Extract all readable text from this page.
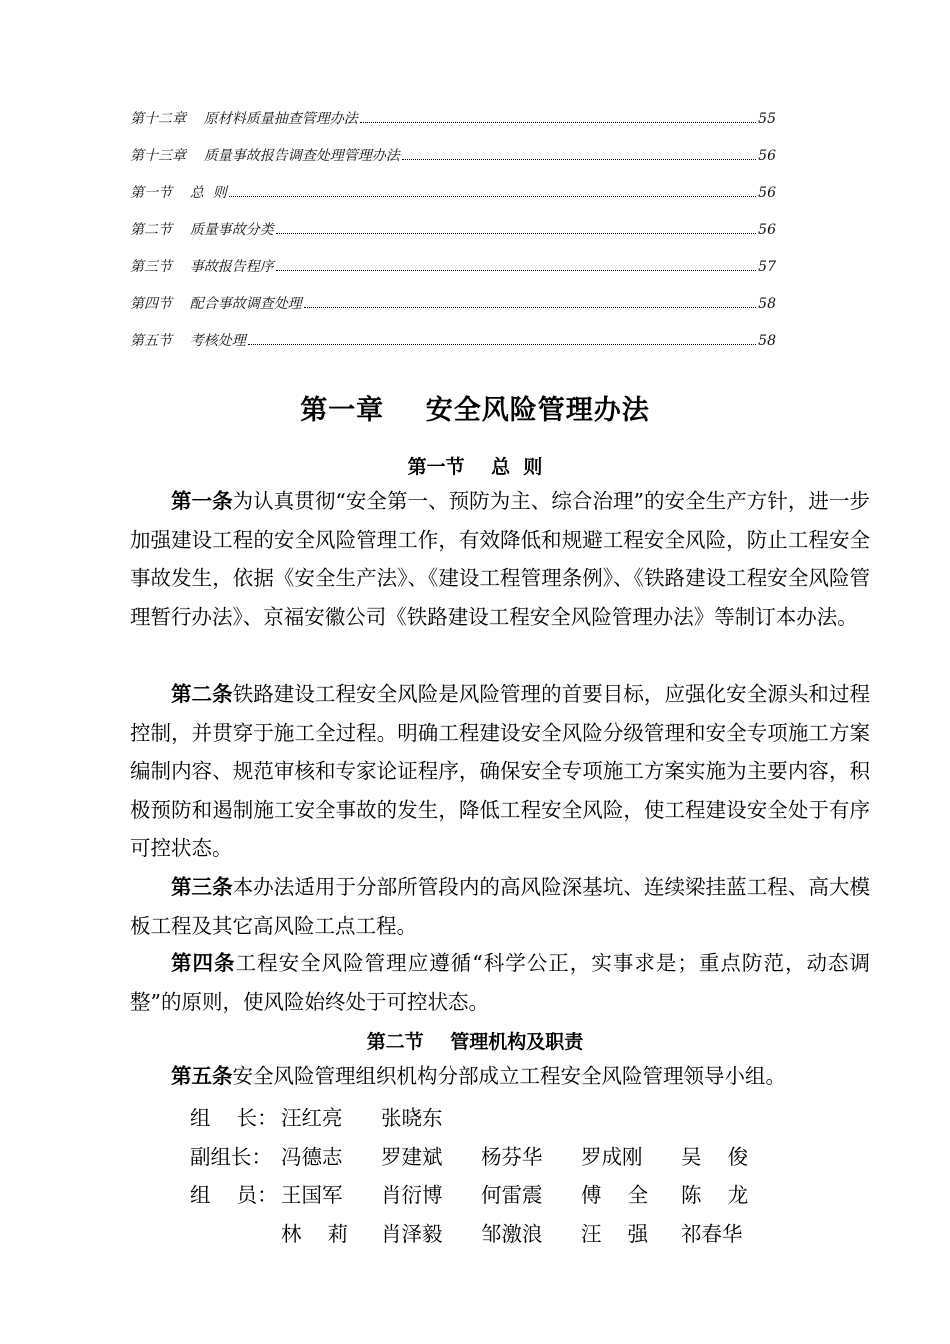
第十二章    原材料质量抽查管理办法	55
第十三章    质量事故报告调查处理管理办法	56
第一节    总  则	56
第二节    质量事故分类	56
第三节    事故报告程序	57
第四节    配合事故调查处理	58
第五节    考核处理	58
第一章    安全风险管理办法
第一节    总  则

第一条为认真贯彻“安全第一、预防为主、综合治理”的安全生产方针，进一步加强建设工程的安全风险管理工作，有效降低和规避工程安全风险，防止工程安全事故发生，依据《安全生产法》、《建设工程管理条例》、《铁路建设工程安全风险管理暂行办法》、京福安徽公司《铁路建设工程安全风险管理办法》等制订本办法。

第二条铁路建设工程安全风险是风险管理的首要目标，应强化安全源头和过程控制，并贯穿于施工全过程。明确工程建设安全风险分级管理和安全专项施工方案编制内容、规范审核和专家论证程序，确保安全专项施工方案实施为主要内容，积极预防和遏制施工安全事故的发生，降低工程安全风险，使工程建设安全处于有序可控状态。

第三条本办法适用于分部所管段内的高风险深基坑、连续梁挂蓝工程、高大模板工程及其它高风险工点工程。

第四条工程安全风险管理应遵循“科学公正，实事求是；重点防范，动态调整”的原则，使风险始终处于可控状态。

第二节    管理机构及职责

第五条安全风险管理组织机构分部成立工程安全风险管理领导小组。

组    长： 汪红亮	张晓东
副组长： 冯德志	罗建斌	杨芬华	罗成刚	吴    俊
组    员： 王国军	肖衍博	何雷震	傅    全	陈    龙
林    莉	肖泽毅	邹激浪	汪    强	祁春华
